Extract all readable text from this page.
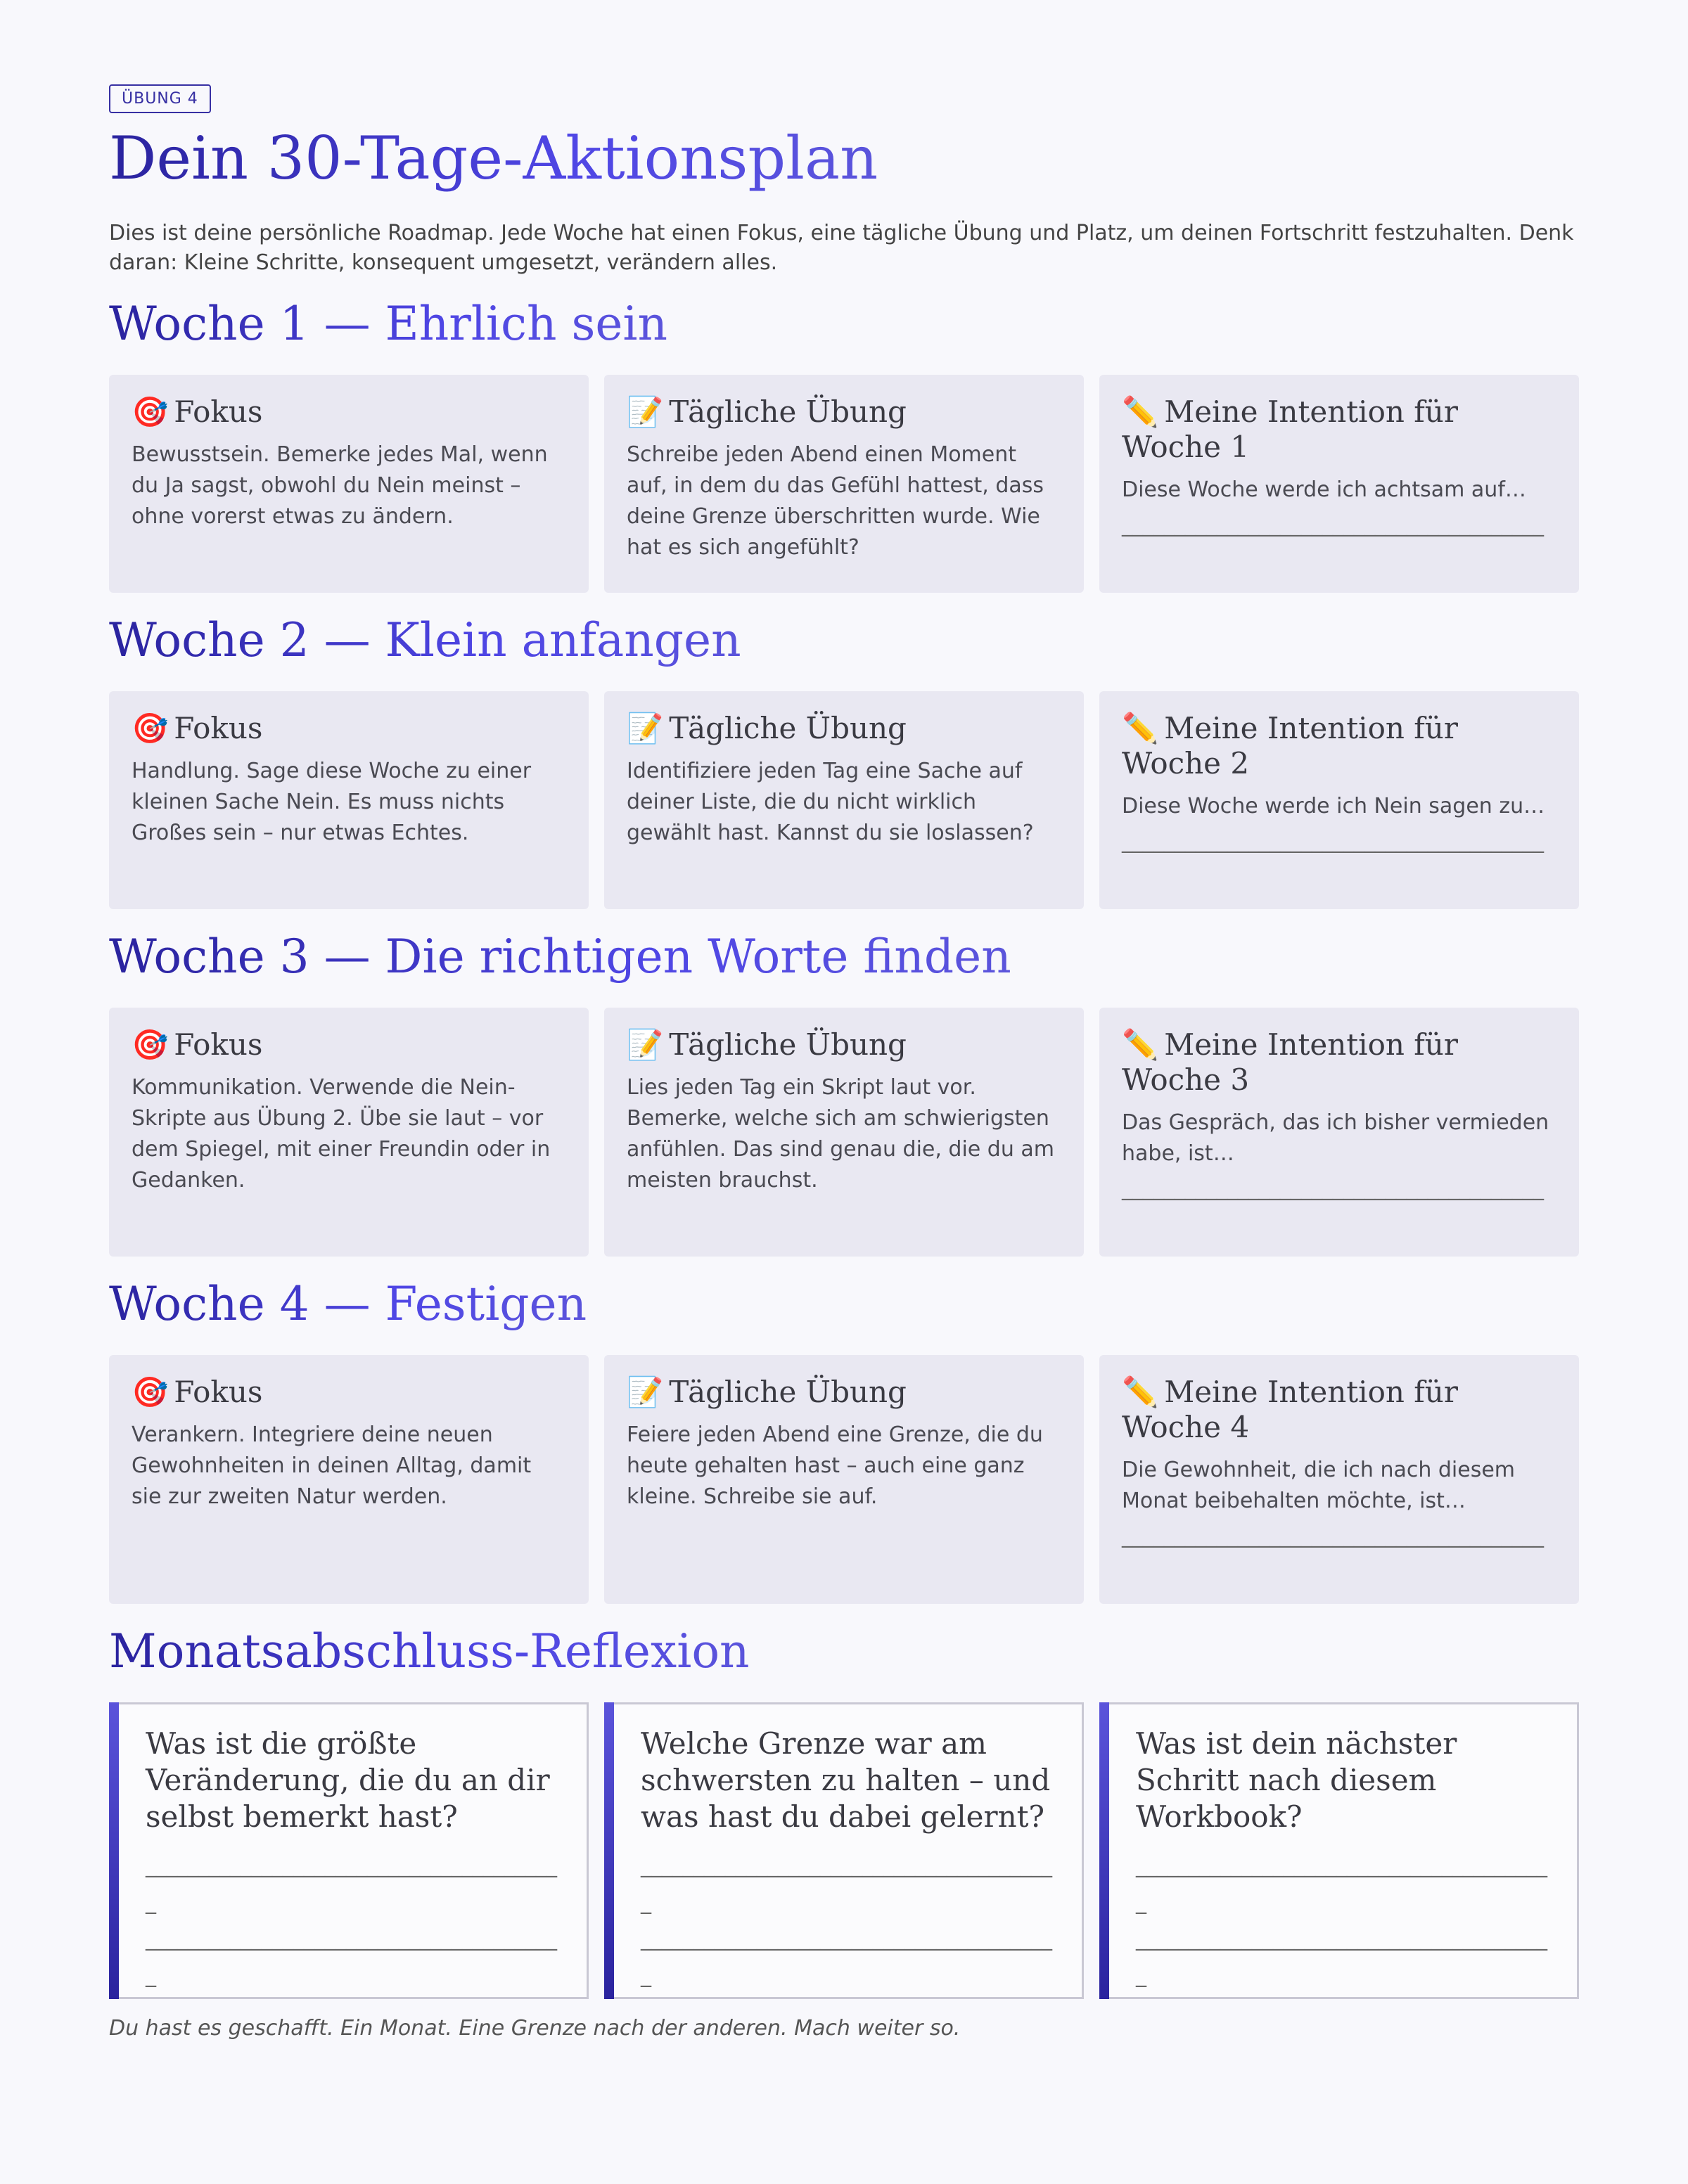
ÜBUNG 4
Dein 30-Tage-Aktionsplan

Dies ist deine persönliche Roadmap. Jede Woche hat einen Fokus, eine tägliche Übung und Platz, um deinen Fortschritt festzuhalten. Denk daran: Kleine Schritte, konsequent umgesetzt, verändern alles.

Woche 1 — Ehrlich sein
🎯 Fokus

Bewusstsein. Bemerke jedes Mal, wenn du Ja sagst, obwohl du Nein meinst – ohne vorerst etwas zu ändern.

📝 Tägliche Übung

Schreibe jeden Abend einen Moment auf, in dem du das Gefühl hattest, dass deine Grenze überschritten wurde. Wie hat es sich angefühlt?

✏️ Meine Intention für Woche 1

Diese Woche werde ich achtsam auf…

________________________________________
Woche 2 — Klein anfangen
🎯 Fokus

Handlung. Sage diese Woche zu einer kleinen Sache Nein. Es muss nichts Großes sein – nur etwas Echtes.

📝 Tägliche Übung

Identifiziere jeden Tag eine Sache auf deiner Liste, die du nicht wirklich gewählt hast. Kannst du sie loslassen?

✏️ Meine Intention für Woche 2

Diese Woche werde ich Nein sagen zu…

________________________________________
Woche 3 — Die richtigen Worte finden
🎯 Fokus

Kommunikation. Verwende die Nein-Skripte aus Übung 2. Übe sie laut – vor dem Spiegel, mit einer Freundin oder in Gedanken.

📝 Tägliche Übung

Lies jeden Tag ein Skript laut vor. Bemerke, welche sich am schwierigsten anfühlen. Das sind genau die, die du am meisten brauchst.

✏️ Meine Intention für Woche 3

Das Gespräch, das ich bisher vermieden habe, ist…

________________________________________
Woche 4 — Festigen
🎯 Fokus

Verankern. Integriere deine neuen Gewohnheiten in deinen Alltag, damit sie zur zweiten Natur werden.

📝 Tägliche Übung

Feiere jeden Abend eine Grenze, die du heute gehalten hast – auch eine ganz kleine. Schreibe sie auf.

✏️ Meine Intention für Woche 4

Die Gewohnheit, die ich nach diesem Monat beibehalten möchte, ist…

________________________________________
Monatsabschluss-Reflexion
Was ist die größte Veränderung, die du an dir selbst bemerkt hast?
________________________________________
________________________________________
Welche Grenze war am schwersten zu halten – und was hast du dabei gelernt?
________________________________________
________________________________________
Was ist dein nächster Schritt nach diesem Workbook?
________________________________________
________________________________________
Du hast es geschafft. Ein Monat. Eine Grenze nach der anderen. Mach weiter so.
